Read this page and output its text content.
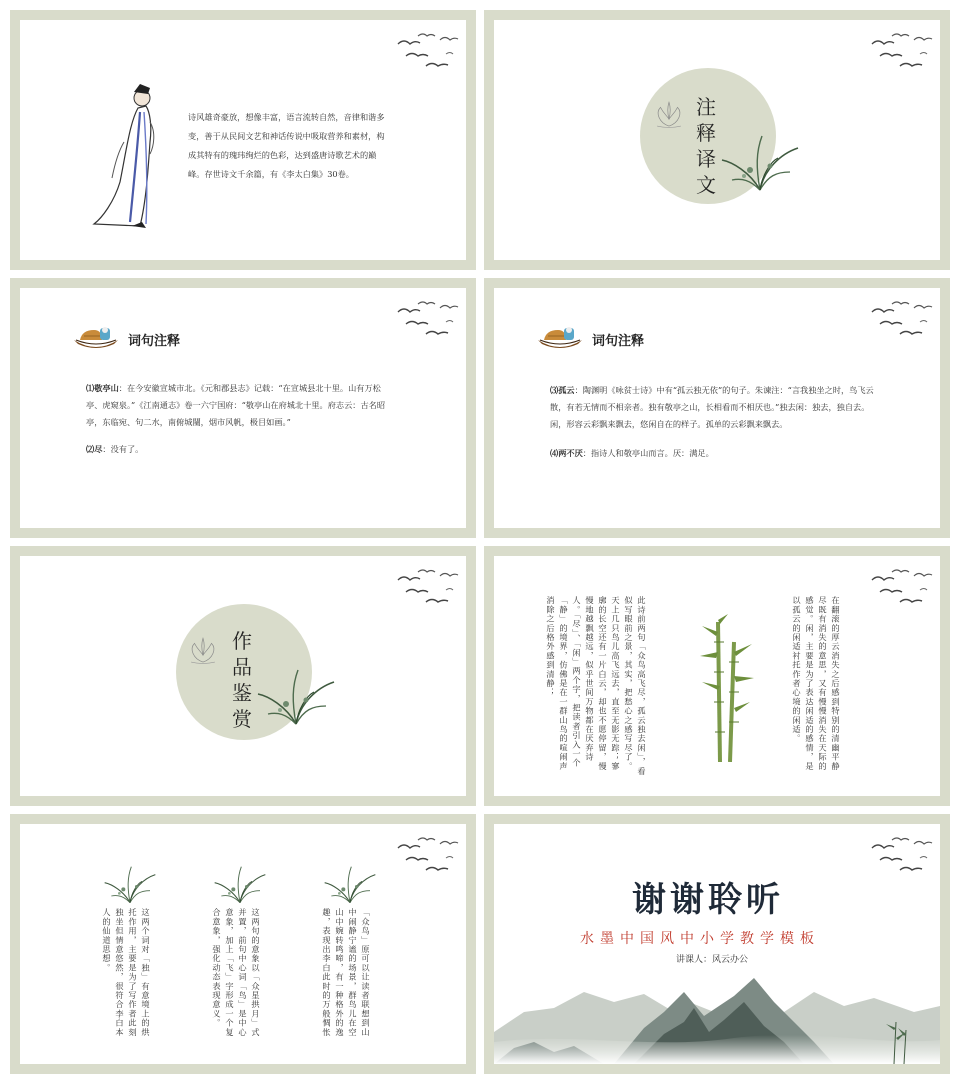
诗风雄奇豪放，想像丰富，语言流转自然，音律和谐多变，善于从民间文艺和神话传说中吸取营养和素材，构成其特有的瑰玮绚烂的色彩，达到盛唐诗歌艺术的巅峰。存世诗文千余篇，有《李太白集》30卷。
注
释
译
文
词句注释
⑴敬亭山：在今安徽宣城市北。《元和郡县志》记载：“在宣城县北十里。山有万松亭、虎窥泉。”《江南通志》卷一六宁国府：“敬亭山在府城北十里。府志云：古名昭亭，东临宛、句二水，南俯城闉，烟市风帆，极目如画。”
⑵尽：没有了。
词句注释
⑶孤云：陶渊明《咏贫士诗》中有“孤云独无依”的句子。朱谏注：“言我独坐之时，鸟飞云散，有若无情而不相亲者。独有敬亭之山，长相看而不相厌也。”独去闲：独去，独自去。闲，形容云彩飘来飘去，悠闲自在的样子。孤单的云彩飘来飘去。
⑷两不厌：指诗人和敬亭山而言。厌：满足。
作
品
鉴
赏	在翻滚的厚云消失之后感到特别的清幽平静尽既有消失的意思，又有慢慢消失在天际的感觉。闲，主要是为了表达闲适的感情，是以孤云的闲适衬托作者心境的闲适。
此诗前两句「众鸟高飞尽，孤云独去闲」，看似写眼前之景，其实，把愁心之感写尽了。天上几只鸟儿高飞远去，直至无影无踪；寥廓的长空还有一片白云，却也不愿停留，慢慢地越飘越远，似乎世间万物都在厌弃诗人。「尽」、「闲」两个字，把读者引入一个「静」的境界，仿佛是在一群山鸟的喧闹声消除之后格外感到清静；
这两个词对「独」有意境上的烘托作用，主要是为了写作者此刻独坐但情意悠然，很符合李白本人的仙道思想。	这两句的意象以「众星拱月」式并置，前句中心词「鸟」是中心意象，加上「飞」字形成一个复合意象，强化动态表现意义。	「众鸟」原可以让读者联想到山中闹静宁谧的场景，群鸟儿在空山中婉转鸣啼，有一种格外的逸趣，表现出李白此时的万般惆怅
谢谢聆听
水墨中国风中小学教学模板
讲课人：风云办公
